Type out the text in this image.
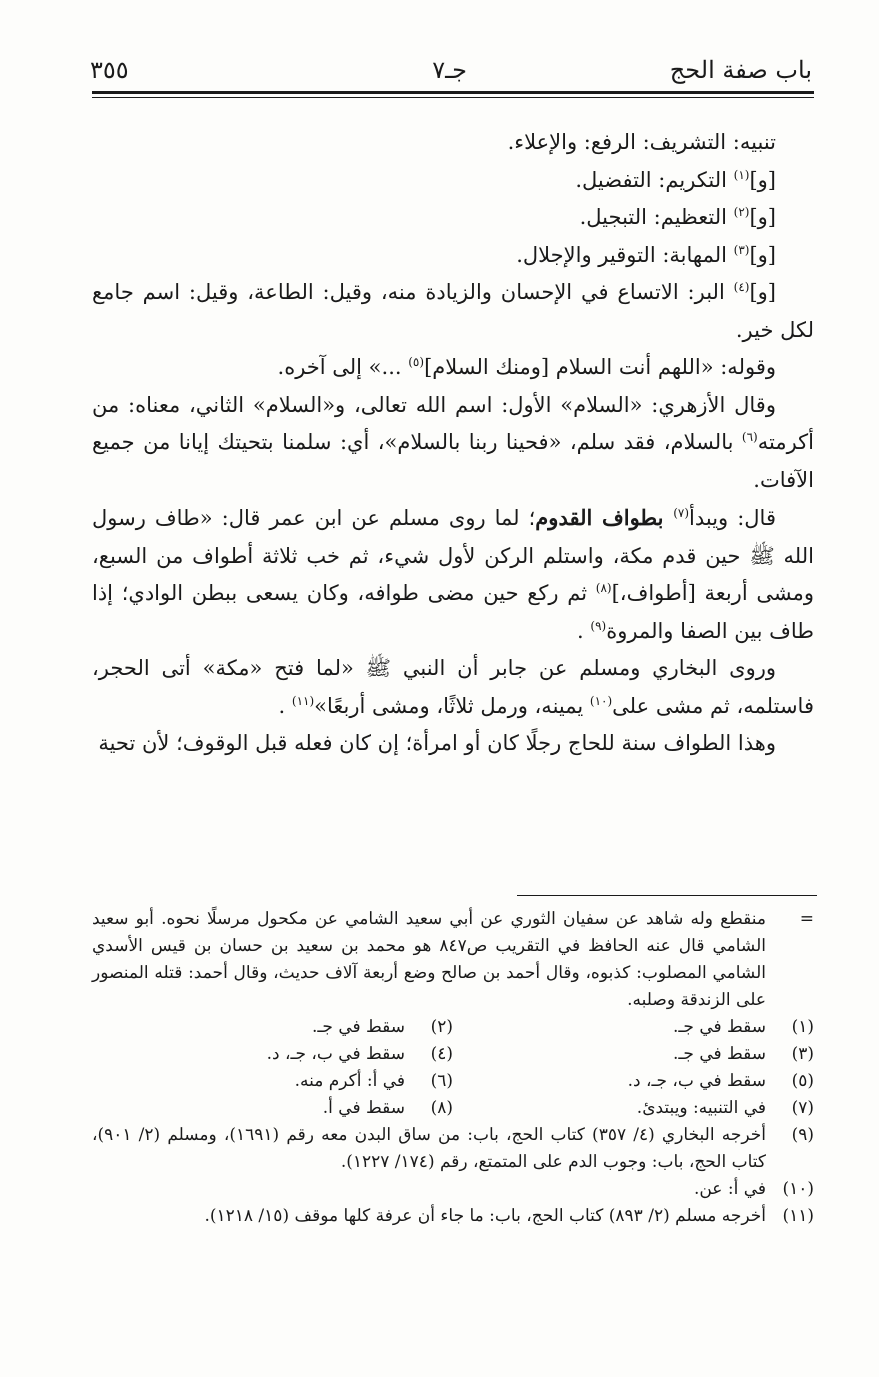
باب صفة الحج
جـ٧
٣٥٥

تنبيه: التشريف: الرفع: والإعلاء.

[و]$^{(١)}$ التكريم: التفضيل.

[و]$^{(٢)}$ التعظيم: التبجيل.

[و]$^{(٣)}$ المهابة: التوقير والإجلال.

[و]$^{(٤)}$ البر: الاتساع في الإحسان والزيادة منه، وقيل: الطاعة، وقيل: اسم جامع لكل خير.

وقوله: «اللهم أنت السلام [ومنك السلام]$^{(٥)}$ ...» إلى آخره.

وقال الأزهري: «السلام» الأول: اسم الله تعالى، و«السلام» الثاني، معناه: من أكرمته$^{(٦)}$ بالسلام، فقد سلم، «فحينا ربنا بالسلام»، أي: سلمنا بتحيتك إيانا من جميع الآفات.

قال: ويبدأ$^{(٧)}$ بطواف القدوم؛ لما روى مسلم عن ابن عمر قال: «طاف رسول الله ﷺ حين قدم مكة، واستلم الركن لأول شيء، ثم خب ثلاثة أطواف من السبع، ومشى أربعة [أطواف،]$^{(٨)}$ ثم ركع حين مضى طوافه، وكان يسعى ببطن الوادي؛ إذا طاف بين الصفا والمروة$^{(٩)}$ .

وروى البخاري ومسلم عن جابر أن النبي ﷺ «لما فتح «مكة» أتى الحجر، فاستلمه، ثم مشى على$^{(١٠)}$ يمينه، ورمل ثلاثًا، ومشى أربعًا»$^{(١١)}$ .

وهذا الطواف سنة للحاج رجلًا كان أو امرأة؛ إن كان فعله قبل الوقوف؛ لأن تحية

=
منقطع وله شاهد عن سفيان الثوري عن أبي سعيد الشامي عن مكحول مرسلًا نحوه. أبو سعيد الشامي قال عنه الحافظ في التقريب ص٨٤٧ هو محمد بن سعيد بن حسان بن قيس الأسدي الشامي المصلوب: كذبوه، وقال أحمد بن صالح وضع أربعة آلاف حديث، وقال أحمد: قتله المنصور على الزندقة وصلبه.
(١)
سقط في جـ.
(٢)
سقط في جـ.
(٣)
سقط في جـ.
(٤)
سقط في ب، جـ، د.
(٥)
سقط في ب، جـ، د.
(٦)
في أ: أكرم منه.
(٧)
في التنبيه: ويبتدئ.
(٨)
سقط في أ.
(٩)
أخرجه البخاري (٤/ ٣٥٧) كتاب الحج، باب: من ساق البدن معه رقم (١٦٩١)، ومسلم (٢/ ٩٠١)، كتاب الحج، باب: وجوب الدم على المتمتع، رقم (١٧٤/ ١٢٢٧).
(١٠)
في أ: عن.
(١١)
أخرجه مسلم (٢/ ٨٩٣) كتاب الحج، باب: ما جاء أن عرفة كلها موقف (١٥/ ١٢١٨).
